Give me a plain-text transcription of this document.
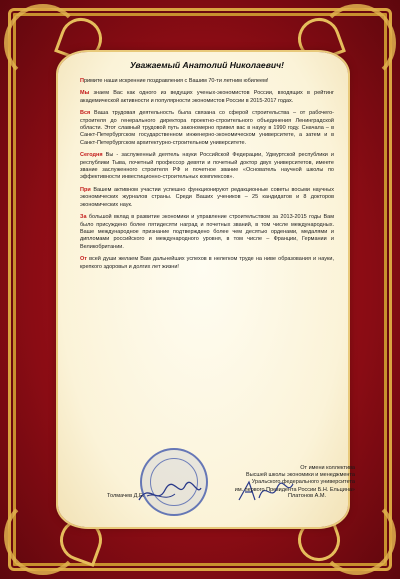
Уважаемый Анатолий Николаевич!

Примите наши искренние поздравления с Вашим 70-ти летним юбилеем!

Мы знаем Вас как одного из ведущих ученых-экономистов России, входящих в рейтинг академической активности и популярности экономистов России в 2015-2017 годах.

Вся Ваша трудовая деятельность была связана со сферой строительства – от рабочего-строителя до генерального директора проектно-строительного объединения Ленинградской области. Этот славный трудовой путь закономерно привел вас в науку в 1990 году. Сначала – в Санкт-Петербургском государственном инженерно-экономическом университете, а затем и в Санкт-Петербургском архитектурно-строительном университете.

Сегодня Вы - заслуженный деятель науки Российской Федерации, Удмуртской республики и республики Тыва, почетный профессор девяти и почетный доктор двух университетов, имеете звание заслуженного строителя РФ и почетное звание «Основатель научной школы по эффективности инвестиционно-строительных комплексов».

При Вашем активном участии успешно функционируют редакционные советы восьми научных экономических журналов страны. Среди Ваших учеников – 25 кандидатов и 8 докторов экономических наук.

За большой вклад в развитие экономики и управление строительством за 2013-2015 годы Вам было присуждено более пятидесяти наград и почетных званий, в том числе международных. Ваше международное признание подтверждено более чем десятью орденами, медалями и дипломами российского и международного уровня, в том числе – Франции, Германии и Великобритании.

От всей души желаем Вам дальнейших успехов в нелегком труде на ниве образования и науки, крепкого здоровья и долгих лет жизни!

От имени коллектива
Высшей школы экономики и менеджмента
Уральского федерального университета
им. первого Президента России Б.Н. Ельцина»
Толмачев Д.Е.	Платонов А.М.
